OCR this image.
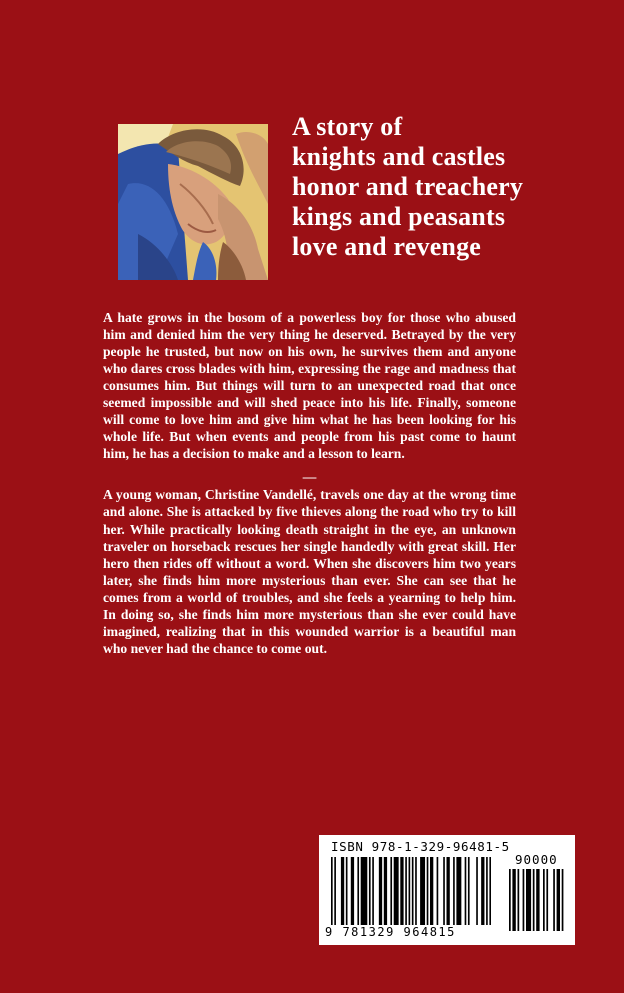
A story of
knights and castles
honor and treachery
kings and peasants
love and revenge

A hate grows in the bosom of a powerless boy for those who abused him and denied him the very thing he deserved. Betrayed by the very people he trusted, but now on his own, he survives them and anyone who dares cross blades with him, expressing the rage and madness that consumes him. But things will turn to an unexpected road that once seemed impossible and will shed peace into his life. Finally, someone will come to love him and give him what he has been looking for his whole life. But when events and people from his past come to haunt him, he has a decision to make and a lesson to learn.

—

A young woman, Christine Vandellé, travels one day at the wrong time and alone. She is attacked by five thieves along the road who try to kill her. While practically looking death straight in the eye, an unknown traveler on horseback rescues her single handedly with great skill. Her hero then rides off without a word. When she discovers him two years later, she finds him more mysterious than ever. She can see that he comes from a world of troubles, and she feels a yearning to help him. In doing so, she finds him more mysterious than she ever could have imagined, realizing that in this wounded warrior is a beautiful man who never had the chance to come out.

ISBN 978-1-329-96481-5
90000
9 781329 964815
